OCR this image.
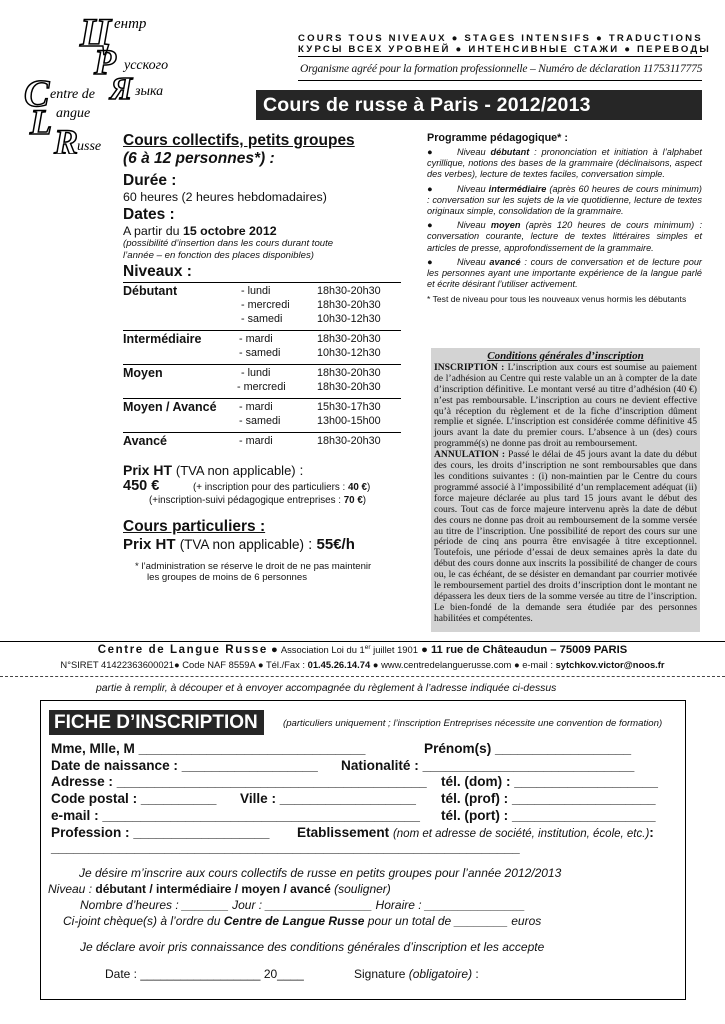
Ц ентр
Р усского
Я зыка
C entre de
L angue
R
usse
COURS TOUS NIVEAUX ● STAGES INTENSIFS ● TRADUCTIONS
КУРСЫ ВСЕХ УРОВНЕЙ ● ИНТЕНСИВНЫЕ СТАЖИ ● ПЕРЕВОДЫ
Organisme agréé pour la formation professionnelle – Numéro de déclaration 11753117775
Cours de russe à Paris - 2012/2013
Cours collectifs, petits groupes
(6 à 12 personnes*) :
Durée :
60 heures (2 heures hebdomadaires)
Dates :
A partir du 15 octobre 2012
(possibilité d’insertion dans les cours durant toute
l’année – en fonction des places disponibles)
Niveaux :
Débutant	- lundi	18h30-20h30
- mercredi	18h30-20h30
- samedi	10h30-12h30
Intermédiaire	- mardi	18h30-20h30
- samedi	10h30-12h30
Moyen	- lundi	18h30-20h30
- mercredi	18h30-20h30
Moyen / Avancé - mardi	15h30-17h30
- samedi	13h00-15h00
Avancé	- mardi	18h30-20h30
Prix HT (TVA non applicable) :
450 €	(+ inscription pour des particuliers : 40 €)
(+inscription-suivi pédagogique entreprises : 70 €)
Cours particuliers :
Prix HT (TVA non applicable) : 55€/h
* l’administration se réserve le droit de ne pas maintenir
les groupes de moins de 6 personnes
Programme pédagogique* :
●	Niveau débutant : prononciation et initiation à l’alphabet cyrillique, notions des bases de la grammaire (déclinaisons, aspect des verbes), lecture de textes faciles, conversation simple.
●	Niveau intermédiaire (après 60 heures de cours minimum) : conversation sur les sujets de la vie quotidienne, lecture de textes originaux simple, consolidation de la grammaire.
●	Niveau moyen (après 120 heures de cours minimum) : conversation courante, lecture de textes littéraires simples et articles de presse, approfondissement de la grammaire.
●	Niveau avancé : cours de conversation et de lecture pour les personnes ayant une importante expérience de la langue parlé et écrite désirant l’utiliser activement.
* Test de niveau pour tous les nouveaux venus hormis les débutants
Conditions générales d’inscription
INSCRIPTION : L’inscription aux cours est soumise au paiement de l’adhésion au Centre qui reste valable un an à compter de la date d’inscription définitive. Le montant versé au titre d’adhésion (40 €) n’est pas remboursable. L’inscription au cours ne devient effective qu’à réception du règlement et de la fiche d’inscription dûment remplie et signée. L’inscription est considérée comme définitive 45 jours avant la date du premier cours. L’absence à un (des) cours programmé(s) ne donne pas droit au remboursement.
ANNULATION : Passé le délai de 45 jours avant la date du début des cours, les droits d’inscription ne sont remboursables que dans les conditions suivantes : (i) non-maintien par le Centre du cours programmé associé à l’impossibilité d’un remplacement adéquat (ii) force majeure déclarée au plus tard 15 jours avant le début des cours. Tout cas de force majeure intervenu après la date de début des cours ne donne pas droit au remboursement de la somme versée au titre de l’inscription. Une possibilité de report des cours sur une période de cinq ans pourra être envisagée à titre exceptionnel. Toutefois, une période d’essai de deux semaines après la date du début des cours donne aux inscrits la possibilité de changer de cours ou, le cas échéant, de se désister en demandant par courrier motivée le remboursement partiel des droits d’inscription dont le montant ne dépassera les deux tiers de la somme versée au titre de l’inscription. Le bien-fondé de la demande sera étudiée par des personnes habilitées et compétentes.
Centre de Langue Russe ● Association Loi du 1er juillet 1901 ● 11 rue de Châteaudun – 75009 PARIS
N°SIRET 41422363600021● Code NAF 8559A ● Tél./Fax : 01.45.26.14.74 ● www.centredelanguerusse.com ● e-mail : sytchkov.victor@noos.fr
partie à remplir, à découper et à envoyer accompagnée du règlement à l’adresse indiquée ci-dessus
FICHE D’INSCRIPTION	(particuliers uniquement ; l’inscription Entreprises nécessite une convention de formation)
Mme, Mlle, M ______________________________	Prénom(s) __________________
Date de naissance : __________________ Nationalité : ____________________________
Adresse : _________________________________________ tél. (dom) : ___________________
Code postal : __________ Ville : __________________ tél. (prof) : ___________________
e-mail : __________________________________________ tél. (port) : ___________________
Profession : __________________ Etablissement (nom et adresse de société, institution, école, etc.):
______________________________________________________________
Je désire m’inscrire aux cours collectifs de russe en petits groupes pour l’année 2012/2013
Niveau : débutant / intermédiaire / moyen / avancé (souligner)
Nombre d’heures : _______ Jour : ________________ Horaire : _______________
Ci-joint chèque(s) à l’ordre du Centre de Langue Russe pour un total de ________ euros
Je déclare avoir pris connaissance des conditions générales d’inscription et les accepte
Date : __________________ 20____	Signature (obligatoire) :
